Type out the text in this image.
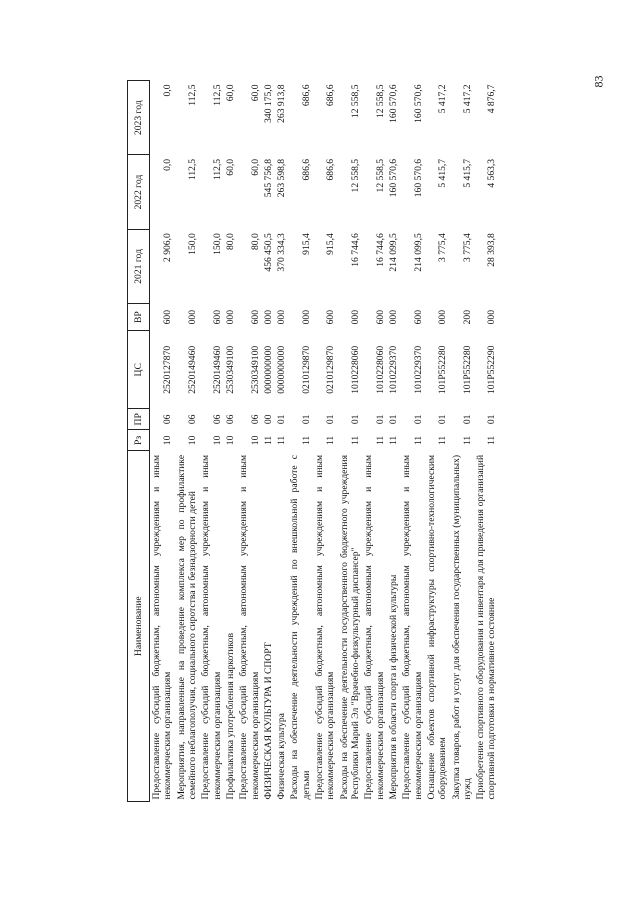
83
Наименование	Рз	ПР	ЦС	ВР	2021 год	2022 год	2023 год
Предоставление субсидий бюджетным, автономным учреждениям и иным некоммерческим организациям	10	06	2520127870	600	2 906,0	0,0	0,0
Мероприятия, направленные на проведение комплекса мер по профилактике семейного неблагополучия, социального сиротства и безнадзорности детей	10	06	2520149460	000	150,0	112,5	112,5
Предоставление субсидий бюджетным, автономным учреждениям и иным некоммерческим организациям	10	06	2520149460	600	150,0	112,5	112,5
Профилактика употребления наркотиков	10	06	2530349100	000	80,0	60,0	60,0
Предоставление субсидий бюджетным, автономным учреждениям и иным некоммерческим организациям	10	06	2530349100	600	80,0	60,0	60,0
ФИЗИЧЕСКАЯ КУЛЬТУРА И СПОРТ	11	00	0000000000	000	456 450,5	545 756,8	340 175,0
Физическая культура	11	01	0000000000	000	370 334,3	263 598,8	263 913,8
Расходы на обеспечение деятельности учреждений по внешкольной работе с детьми	11	01	0210129870	000	915,4	686,6	686,6
Предоставление субсидий бюджетным, автономным учреждениям и иным некоммерческим организациям	11	01	0210129870	600	915,4	686,6	686,6
Расходы на обеспечение деятельности государственного бюджетного учреждения Республики Марий Эл "Врачебно-физкультурный диспансер"	11	01	1010228060	000	16 744,6	12 558,5	12 558,5
Предоставление субсидий бюджетным, автономным учреждениям и иным некоммерческим организациям	11	01	1010228060	600	16 744,6	12 558,5	12 558,5
Мероприятия в области спорта и физической культуры	11	01	1010229370	000	214 099,5	160 570,6	160 570,6
Предоставление субсидий бюджетным, автономным учреждениям и иным некоммерческим организациям	11	01	1010229370	600	214 099,5	160 570,6	160 570,6
Оснащение объектов спортивной инфраструктуры спортивно-технологическим оборудованием	11	01	101P552280	000	3 775,4	5 415,7	5 417,2
Закупка товаров, работ и услуг для обеспечения государственных (муниципальных) нужд	11	01	101P552280	200	3 775,4	5 415,7	5 417,2
Приобретение спортивного оборудования и инвентаря для приведения организаций спортивной подготовки в нормативное состояние	11	01	101P552290	000	28 393,8	4 563,3	4 876,7
